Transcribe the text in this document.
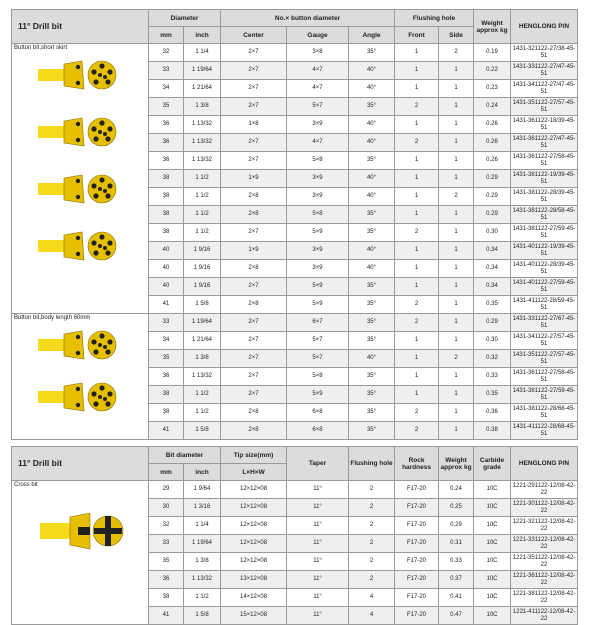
11° Drill bit	Diameter		No.× button diameter			Flushing hole		Weight approx kg	HENGLONG P/N
	mm	inch	Center	Gauge	Angle	Front	Side		

Button bit,short skirt	32	1 1/4	2×7	3×8	35°	1	2	0.19	1431-321122-27/38-45-51
	33	1 19/64	2×7	4×7	40°	1	1	0.22	1431-331122-27/47-45-51
	34	1 21/64	2×7	4×7	40°	1	1	0.23	1431-341122-27/47-45-51
	35	1 3/8	2×7	5×7	35°	2	1	0.24	1431-351122-27/57-45-51
	36	1 13/32	1×8	3×9	40°	1	1	0.26	1431-361122-18/39-45-51
	36	1 13/32	2×7	4×7	40°	2	1	0.26	1431-361122-27/47-45-51
	36	1 13/32	2×7	5×8	35°	1	1	0.26	1431-361122-27/58-45-51
	38	1 1/2	1×9	3×9	40°	1	1	0.29	1431-381122-19/39-45-51
	38	1 1/2	2×8	3×9	40°	1	2	0.29	1431-381122-28/39-45-51
	38	1 1/2	2×8	5×8	35°	1	1	0.29	1431-381122-28/58-45-51
	38	1 1/2	2×7	5×9	35°	2	1	0.30	1431-381122-27/59-45-51
	40	1 9/16	1×9	3×9	40°	1	1	0.34	1431-401122-19/39-45-51
	40	1 9/16	2×8	3×9	40°	1	1	0.34	1431-401122-28/39-45-51
	40	1 9/16	2×7	5×9	35°	1	1	0.34	1431-401122-27/59-45-51
	41	1 5/8	2×8	5×9	35°	2	1	0.35	1431-411122-28/59-45-51

Button bit,body length 60mm	33	1 19/64	2×7	6×7	35°	2	1	0.29	1431-331122-27/67-45-51
	34	1 21/64	2×7	5×7	35°	1	1	0.30	1431-341122-27/57-45-51
	35	1 3/8	2×7	5×7	40°	1	2	0.32	1431-351122-27/57-45-51
	36	1 13/32	2×7	5×8	35°	1	1	0.33	1431-361122-27/58-45-51
	38	1 1/2	2×7	5×9	35°	1	1	0.35	1431-381122-27/59-45-51
	38	1 1/2	2×8	6×8	35°	2	1	0.36	1431-381122-28/68-45-51
	41	1 5/8	2×8	6×8	35°	2	1	0.38	1431-411122-28/68-45-51

11° Drill bit	Bit diameter		Tip size(mm)	Taper	Flushing hole	Rock hardness	Weight approx kg	Carbide grade	HENGLONG P/N
	mm	inch	L×H×W						

Cross bit	29	1 9/64	12×12×08	11°	2	F17-20	0.24	10C	1221-291122-12/08-42-22
	30	1 3/16	12×12×08	11°	2	F17-20	0.25	10C	1221-301122-12/08-42-22
	32	1 1/4	12×12×08	11°	2	F17-20	0.29	10C	1221-321122-12/08-42-22
	33	1 19/64	12×12×08	11°	2	F17-20	0.31	10C	1221-331122-12/08-42-22
	35	1 3/8	12×12×08	11°	2	F17-20	0.33	10C	1221-351122-12/08-42-22
	36	1 13/32	13×12×08	11°	2	F17-20	0.37	10C	1221-361122-12/08-42-22
	38	1 1/2	14×12×08	11°	4	F17-20	0.41	10C	1221-381122-12/08-42-22
	41	1 5/8	15×12×08	11°	4	F17-20	0.47	10C	1221-411122-12/08-42-22
